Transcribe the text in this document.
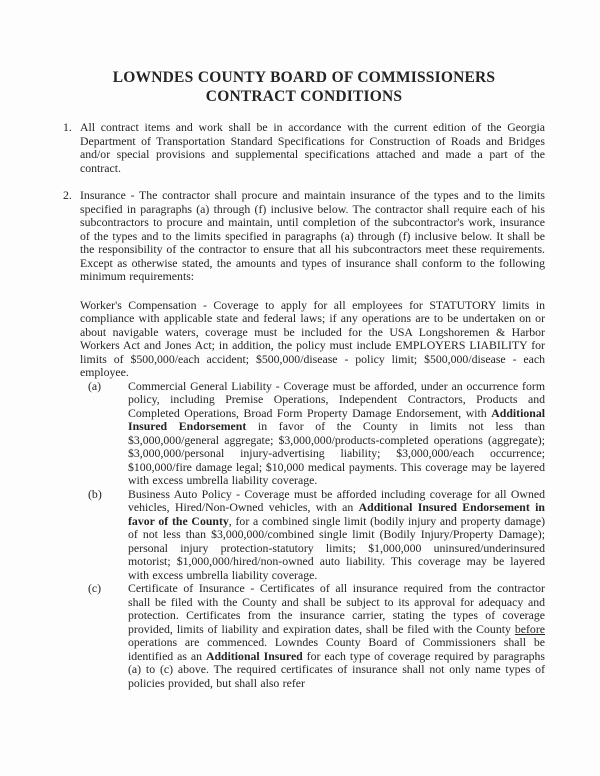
LOWNDES COUNTY BOARD OF COMMISSIONERS
CONTRACT CONDITIONS
1. All contract items and work shall be in accordance with the current edition of the Georgia Department of Transportation Standard Specifications for Construction of Roads and Bridges and/or special provisions and supplemental specifications attached and made a part of the contract.
2. Insurance - The contractor shall procure and maintain insurance of the types and to the limits specified in paragraphs (a) through (f) inclusive below. The contractor shall require each of his subcontractors to procure and maintain, until completion of the subcontractor's work, insurance of the types and to the limits specified in paragraphs (a) through (f) inclusive below. It shall be the responsibility of the contractor to ensure that all his subcontractors meet these requirements. Except as otherwise stated, the amounts and types of insurance shall conform to the following minimum requirements:
Worker's Compensation - Coverage to apply for all employees for STATUTORY limits in compliance with applicable state and federal laws; if any operations are to be undertaken on or about navigable waters, coverage must be included for the USA Longshoremen & Harbor Workers Act and Jones Act; in addition, the policy must include EMPLOYERS LIABILITY for limits of $500,000/each accident; $500,000/disease - policy limit; $500,000/disease - each employee.
(a)	Commercial General Liability - Coverage must be afforded, under an occurrence form policy, including Premise Operations, Independent Contractors, Products and Completed Operations, Broad Form Property Damage Endorsement, with Additional Insured Endorsement in favor of the County in limits not less than $3,000,000/general aggregate; $3,000,000/products-completed operations (aggregate); $3,000,000/personal injury-advertising liability; $3,000,000/each occurrence; $100,000/fire damage legal; $10,000 medical payments. This coverage may be layered with excess umbrella liability coverage.
(b)	Business Auto Policy - Coverage must be afforded including coverage for all Owned vehicles, Hired/Non-Owned vehicles, with an Additional Insured Endorsement in favor of the County, for a combined single limit (bodily injury and property damage) of not less than $3,000,000/combined single limit (Bodily Injury/Property Damage); personal injury protection-statutory limits; $1,000,000 uninsured/underinsured motorist; $1,000,000/hired/non-owned auto liability. This coverage may be layered with excess umbrella liability coverage.
(c)	Certificate of Insurance - Certificates of all insurance required from the contractor shall be filed with the County and shall be subject to its approval for adequacy and protection. Certificates from the insurance carrier, stating the types of coverage provided, limits of liability and expiration dates, shall be filed with the County before operations are commenced. Lowndes County Board of Commissioners shall be identified as an Additional Insured for each type of coverage required by paragraphs (a) to (c) above. The required certificates of insurance shall not only name types of policies provided, but shall also refer
